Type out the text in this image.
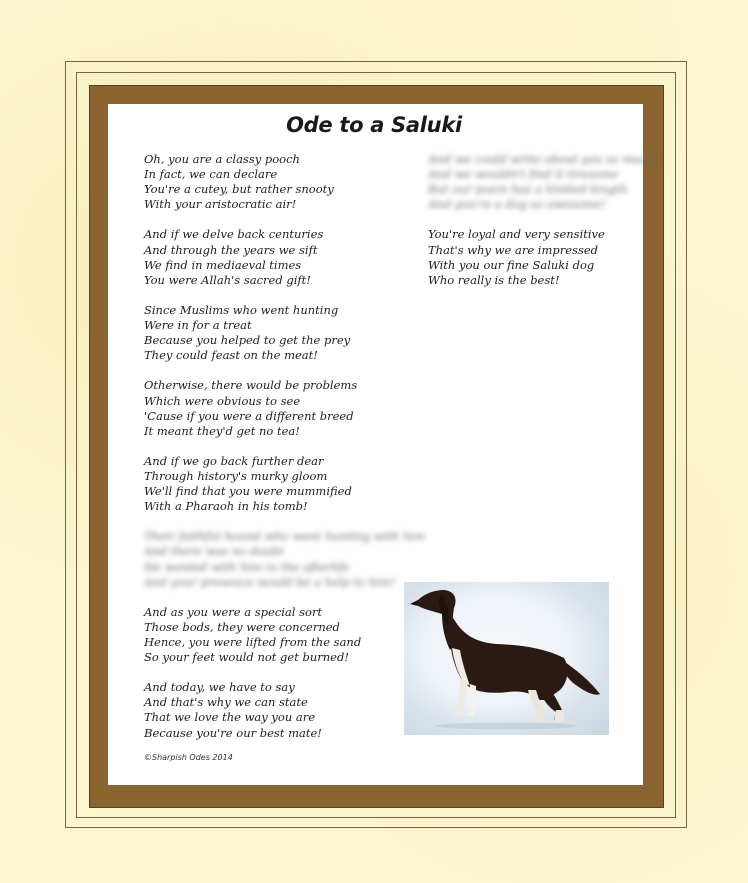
Ode to a Saluki
Oh, you are a classy pooch
In fact, we can declare
You're a cutey, but rather snooty
With your aristocratic air!
And if we delve back centuries
And through the years we sift
We find in mediaeval times
You were Allah's sacred gift!
Since Muslims who went hunting
Were in for a treat
Because you helped to get the prey
They could feast on the meat!
Otherwise, there would be problems
Which were obvious to see
'Cause if you were a different breed
It meant they'd get no tea!
And if we go back further dear
Through history's murky gloom
We'll find that you were mummified
With a Pharaoh in his tomb!
Their faithful hound who went hunting with him
And there was no doubt
He wanted with him in the afterlife
And your presence would be a help to him!
And as you were a special sort
Those bods, they were concerned
Hence, you were lifted from the sand
So your feet would not get burned!
And today, we have to say
And that's why we can state
That we love the way you are
Because you're our best mate!
And we could write about you so much
And we wouldn't find it tiresome
But our poem has a limited length
And you're a dog so awesome!
You're loyal and very sensitive
That's why we are impressed
With you our fine Saluki dog
Who really is the best!
©Sharpish Odes 2014
